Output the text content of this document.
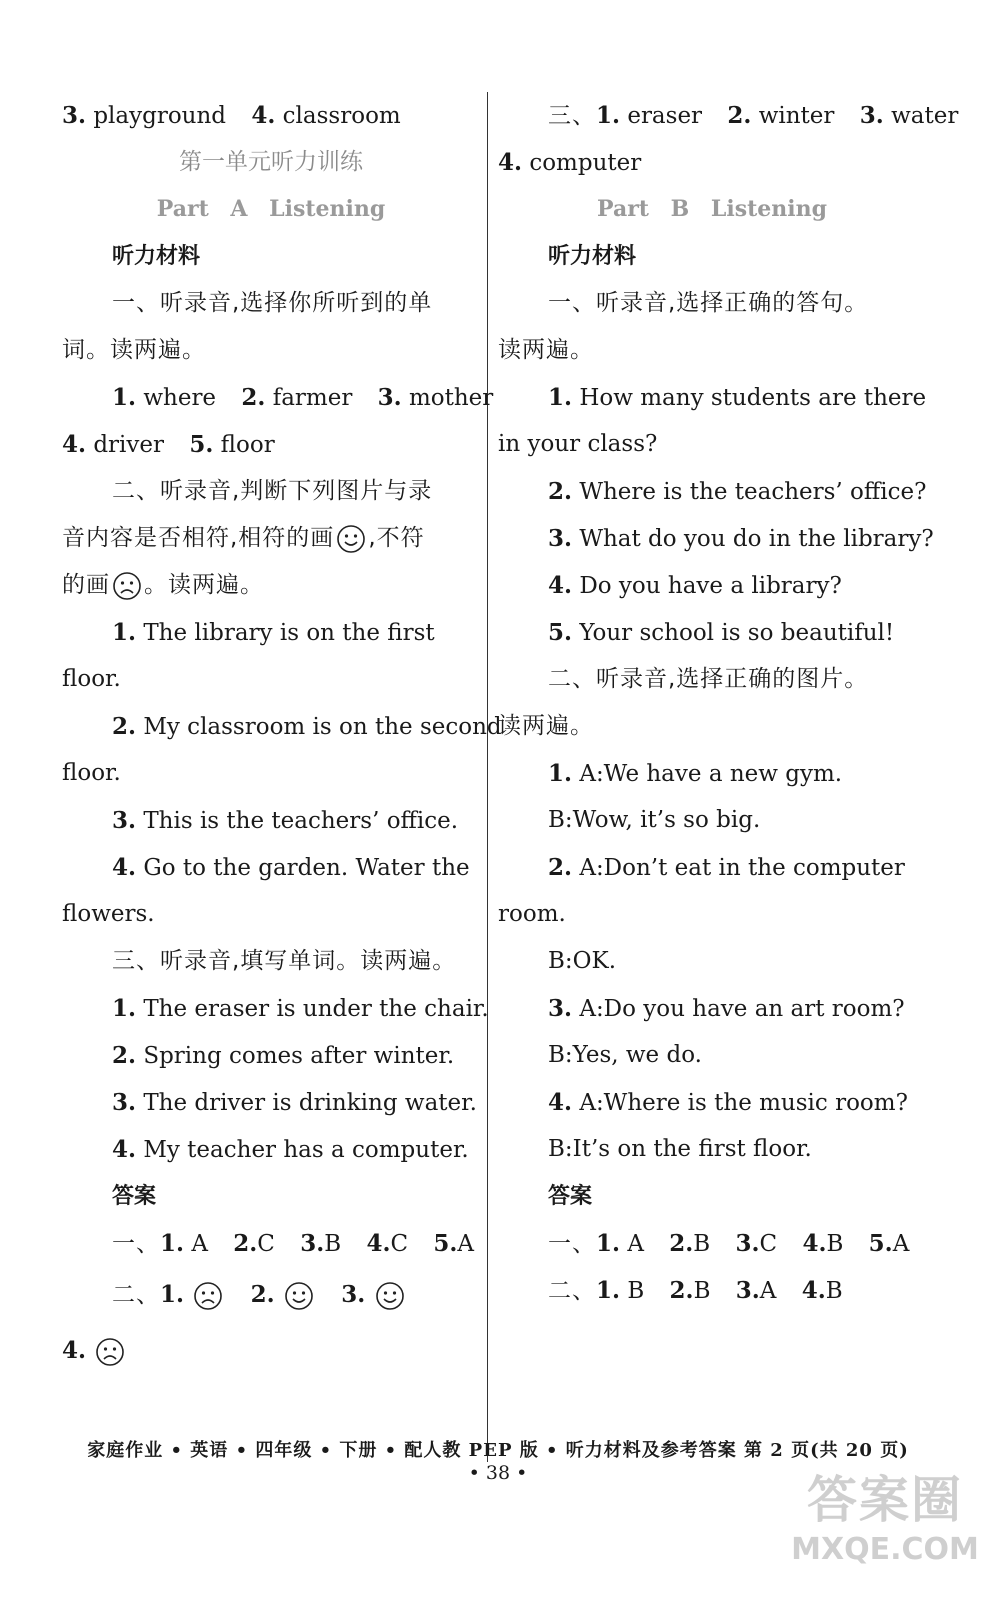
3. playground 4. classroom
第一单元听力训练
Part A Listening
听力材料
一、听录音,选择你所听到的单
词。读两遍。
1. where 2. farmer 3. mother
4. driver 5. floor
二、听录音,判断下列图片与录
音内容是否相符,相符的画 ,不符
的画 。读两遍。
1. The library is on the first
floor.
2. My classroom is on the second
floor.
3. This is the teachers’ office.
4. Go to the garden. Water the
flowers.
三、听录音,填写单词。读两遍。
1. The eraser is under the chair.
2. Spring comes after winter.
3. The driver is drinking water.
4. My teacher has a computer.
答案
一、1. A 2.C 3.B 4.C 5.A
二、1.	2.	3.
4.
三、1. eraser 2. winter 3. water
4. computer
Part B Listening
听力材料
一、听录音,选择正确的答句。
读两遍。
1. How many students are there
in your class?
2. Where is the teachers’ office?
3. What do you do in the library?
4. Do you have a library?
5. Your school is so beautiful!
二、听录音,选择正确的图片。
读两遍。
1. A:We have a new gym.
B:Wow, it’s so big.
2. A:Don’t eat in the computer
room.
B:OK.
3. A:Do you have an art room?
B:Yes, we do.
4. A:Where is the music room?
B:It’s on the first floor.
答案
一、1. A 2.B 3.C 4.B 5.A
二、1. B 2.B 3.A 4.B
家庭作业 • 英语 • 四年级 • 下册 • 配人教 PEP 版 • 听力材料及参考答案 第 2 页(共 20 页)
• 38 •	答案圈
MXQE.COM
